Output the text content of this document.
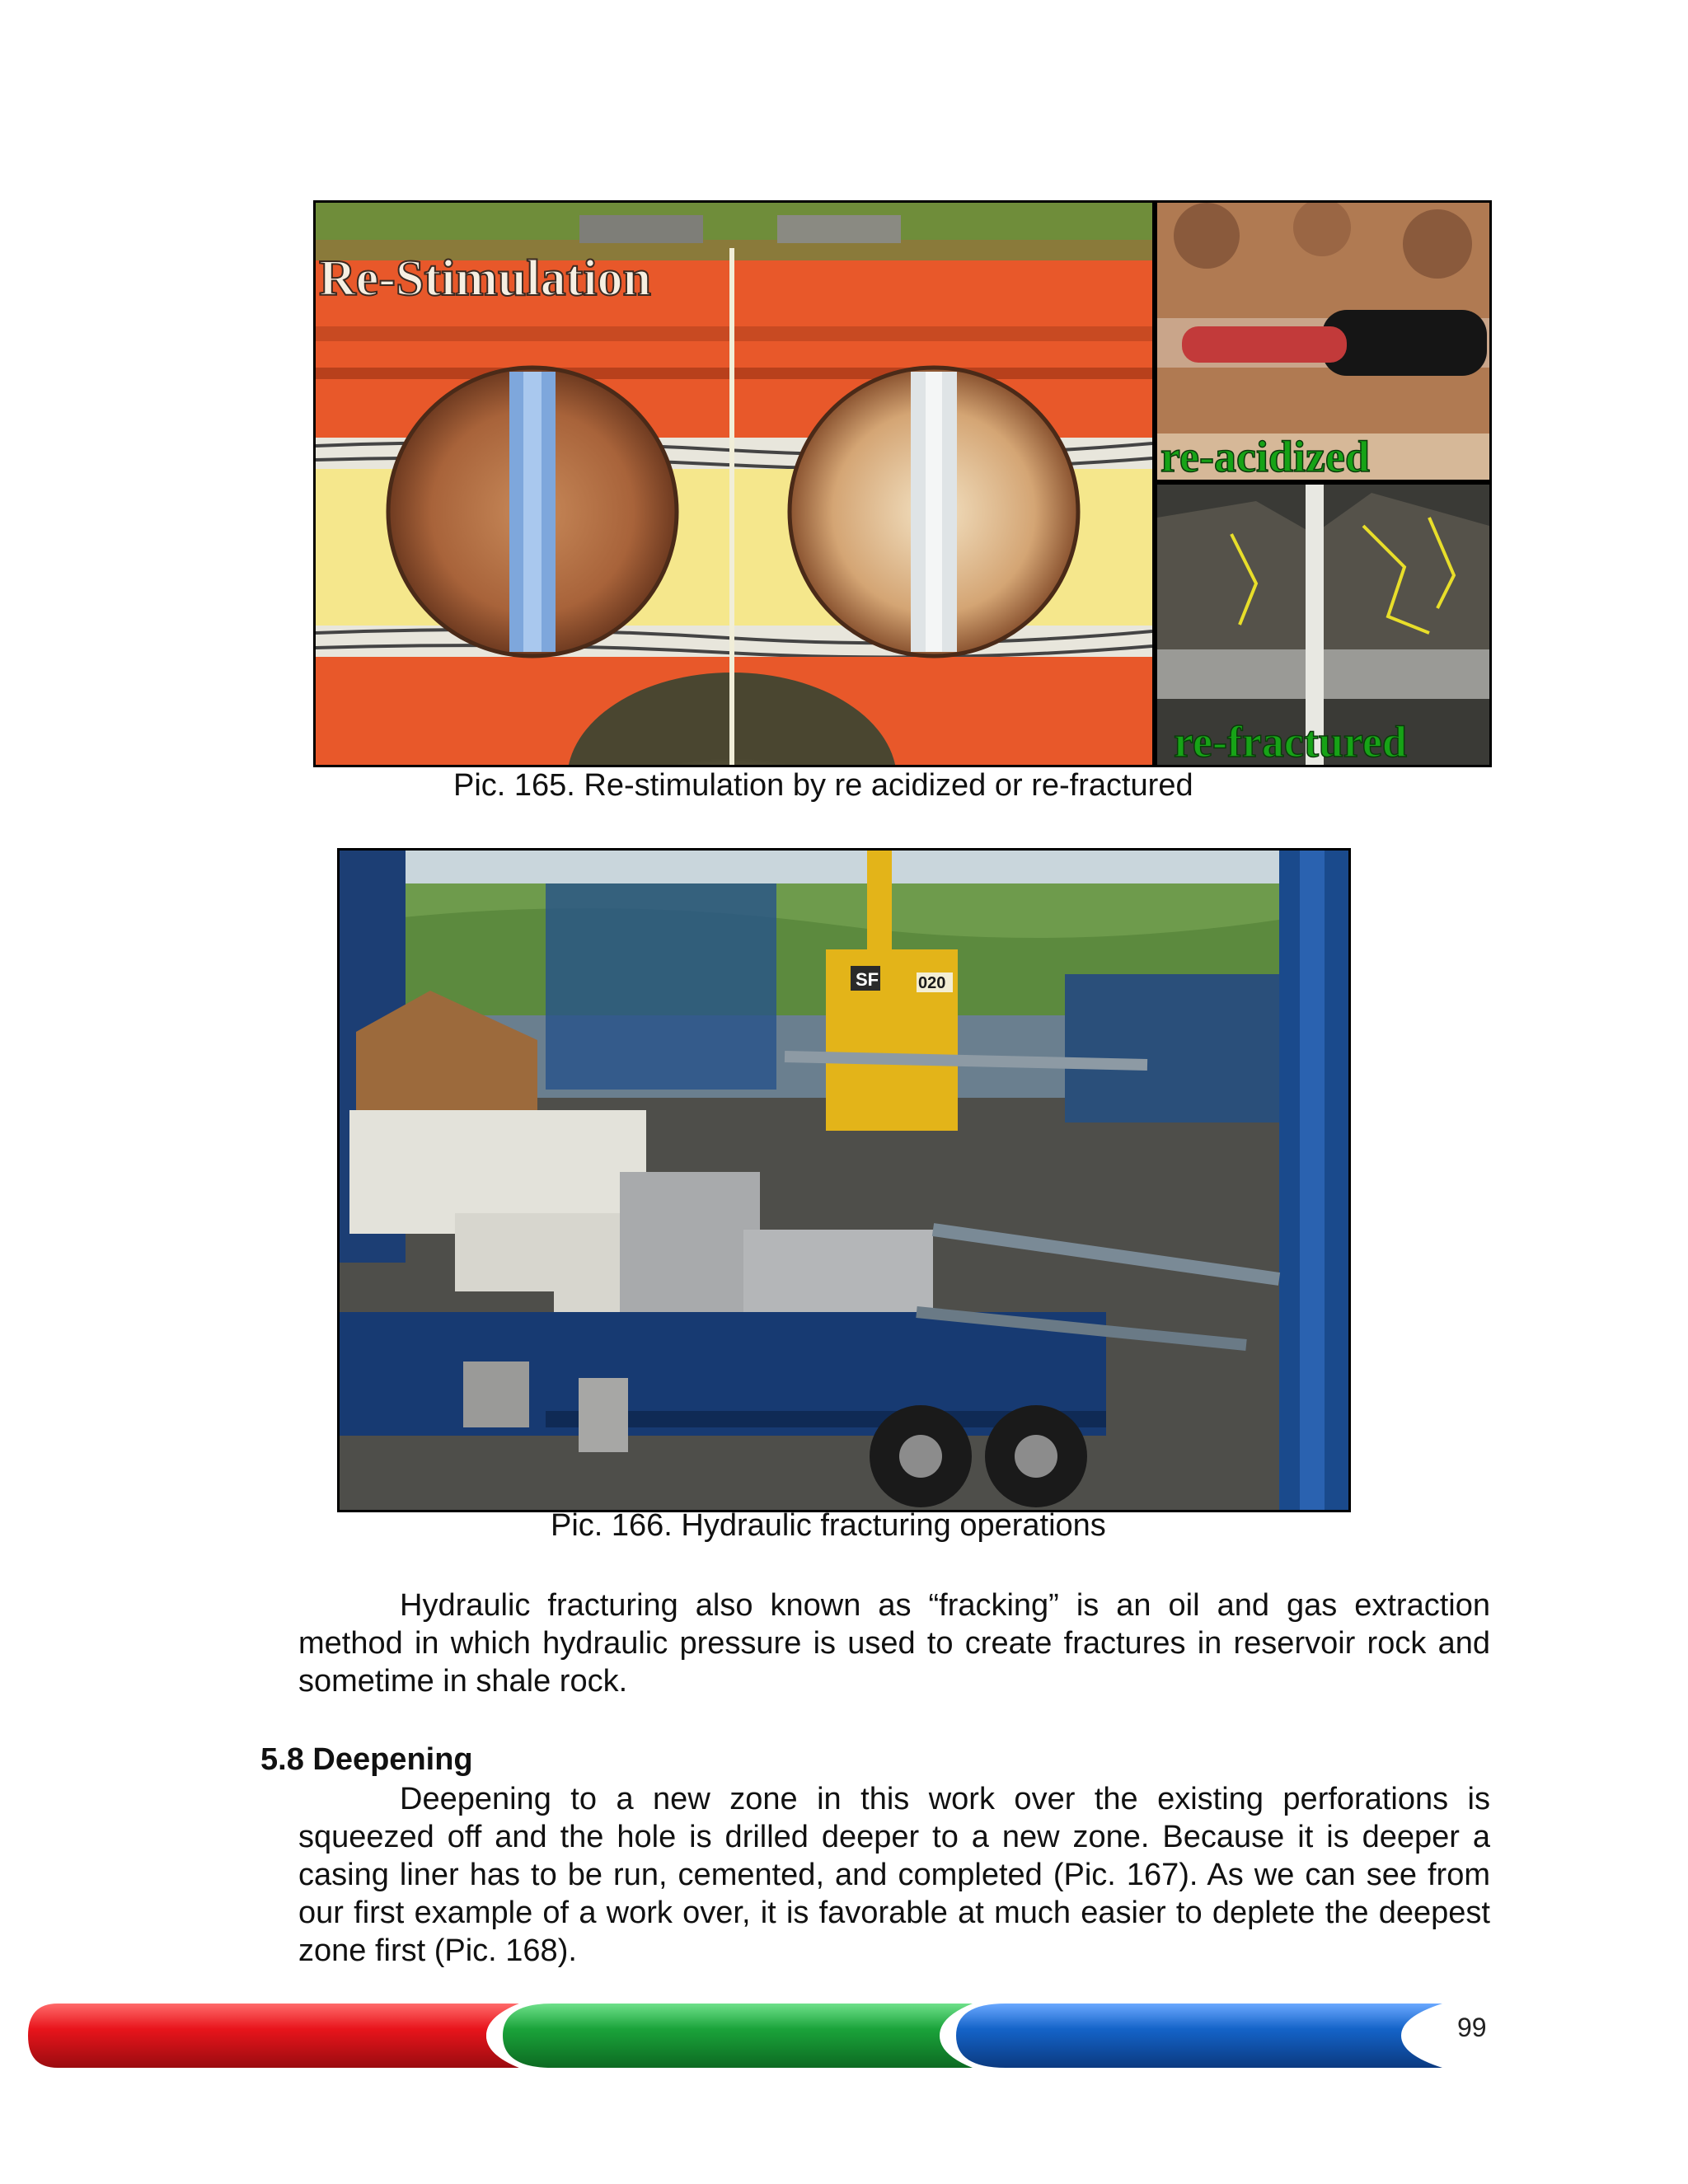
Re-Stimulation
re-acidized
re-fractured
Pic. 165. Re-stimulation by re acidized or re-fractured
SF 020
Pic. 166. Hydraulic fracturing operations
Hydraulic fracturing also known as “fracking” is an oil and gas extraction method in which hydraulic pressure is used to create fractures in reservoir rock and sometime in shale rock.
5.8 Deepening
Deepening to a new zone in this work over the existing perforations is squeezed off and the hole is drilled deeper to a new zone. Because it is deeper a casing liner has to be run, cemented, and completed (Pic. 167). As we can see from our first example of a work over, it is favorable at much easier to deplete the deepest zone first (Pic. 168).
99
